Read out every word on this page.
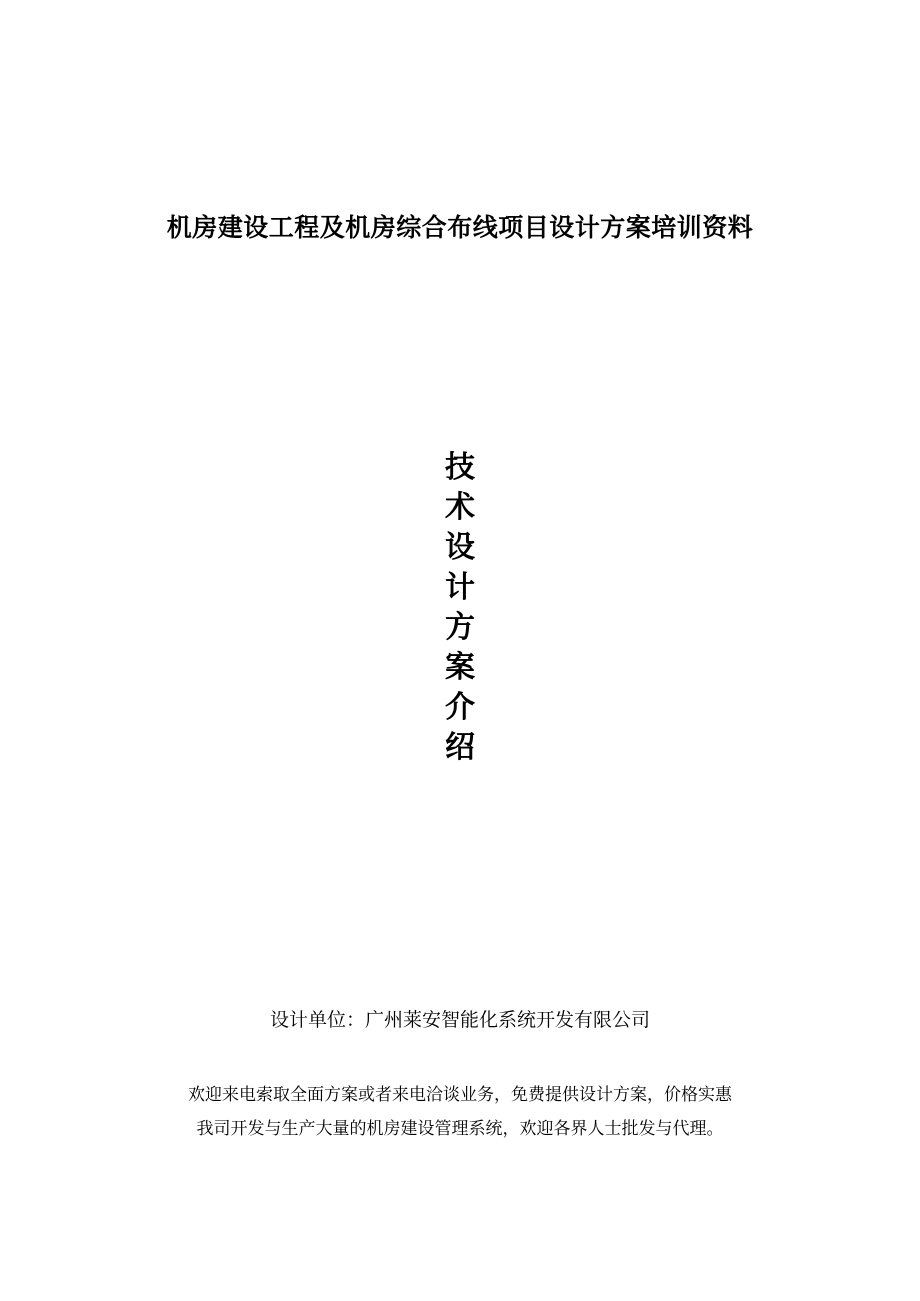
机房建设工程及机房综合布线项目设计方案培训资料
技
术
设
计
方
案
介
绍
设计单位：广州莱安智能化系统开发有限公司
欢迎来电索取全面方案或者来电洽谈业务，免费提供设计方案，价格实惠
我司开发与生产大量的机房建设管理系统，欢迎各界人士批发与代理。
